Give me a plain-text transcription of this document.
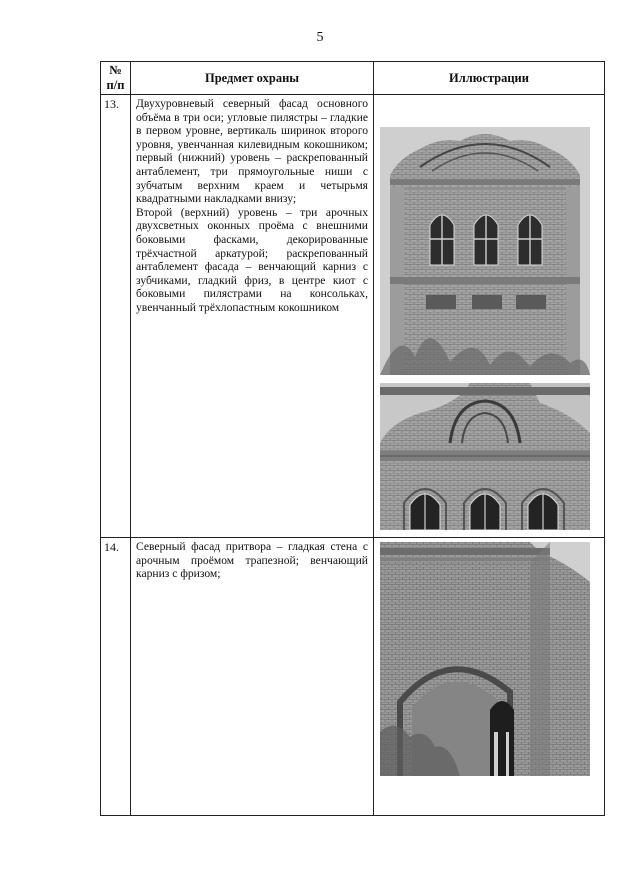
5
№
п/п	Предмет охраны	Иллюстрации
13.	Двухуровневый северный фасад основного объёма в три оси; угловые пилястры – гладкие в первом уровне, вертикаль ширинок второго уровня, увенчанная килевидным кокошником; первый (нижний) уровень – раскрепованный антаблемент, три прямоугольные ниши с зубчатым верхним краем и четырьмя квадратными накладками внизу;

Второй (верхний) уровень – три арочных двухсветных оконных проёма с внешними боковыми фасками, декорированные трёхчастной аркатурой; раскрепованный антаблемент фасада – венчающий карниз с зубчиками, гладкий фриз, в центре киот с боковыми пилястрами на консольках, увенчанный трёхлопастным кокошником

14.	Северный фасад притвора – гладкая стена с арочным проёмом трапезной; венчающий карниз с фризом;
